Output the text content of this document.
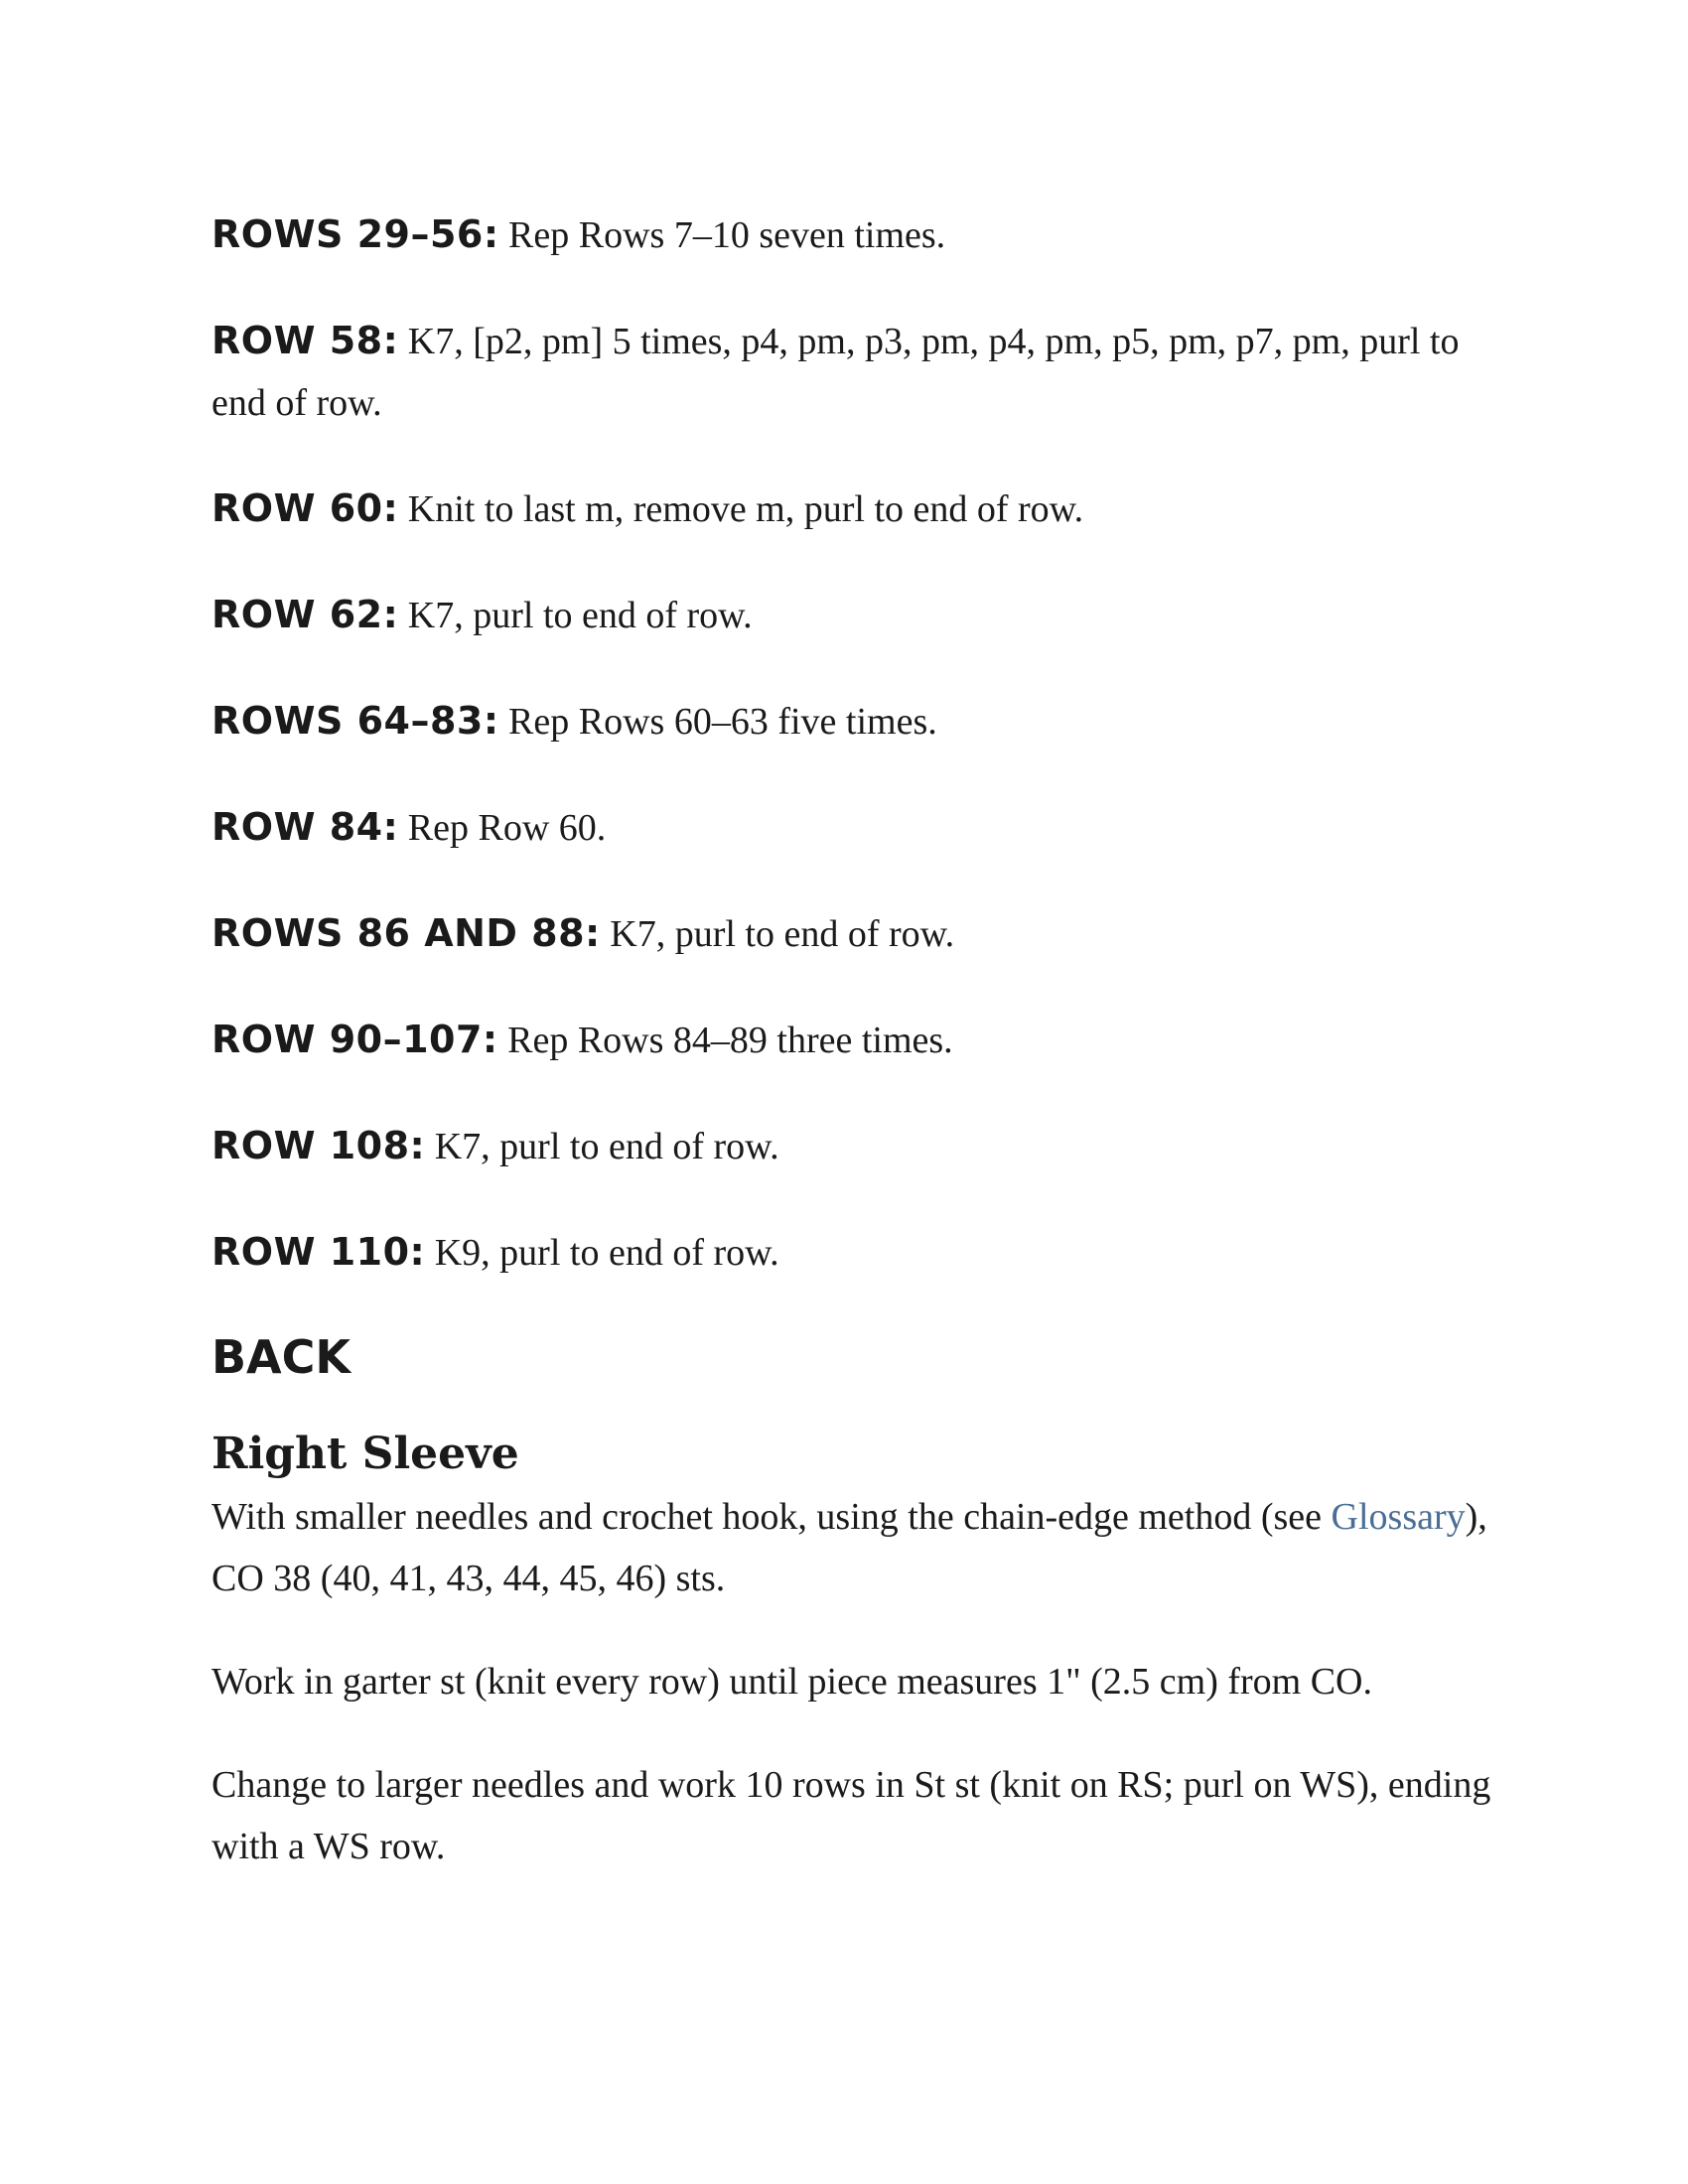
ROWS 29–56: Rep Rows 7–10 seven times.

ROW 58: K7, [p2, pm] 5 times, p4, pm, p3, pm, p4, pm, p5, pm, p7, pm, purl to end of row.

ROW 60: Knit to last m, remove m, purl to end of row.

ROW 62: K7, purl to end of row.

ROWS 64–83: Rep Rows 60–63 five times.

ROW 84: Rep Row 60.

ROWS 86 AND 88: K7, purl to end of row.

ROW 90–107: Rep Rows 84–89 three times.

ROW 108: K7, purl to end of row.

ROW 110: K9, purl to end of row.

BACK
Right Sleeve

With smaller needles and crochet hook, using the chain-edge method (see Glossary), CO 38 (40, 41, 43, 44, 45, 46) sts.

Work in garter st (knit every row) until piece measures 1" (2.5 cm) from CO.

Change to larger needles and work 10 rows in St st (knit on RS; purl on WS), ending with a WS row.
